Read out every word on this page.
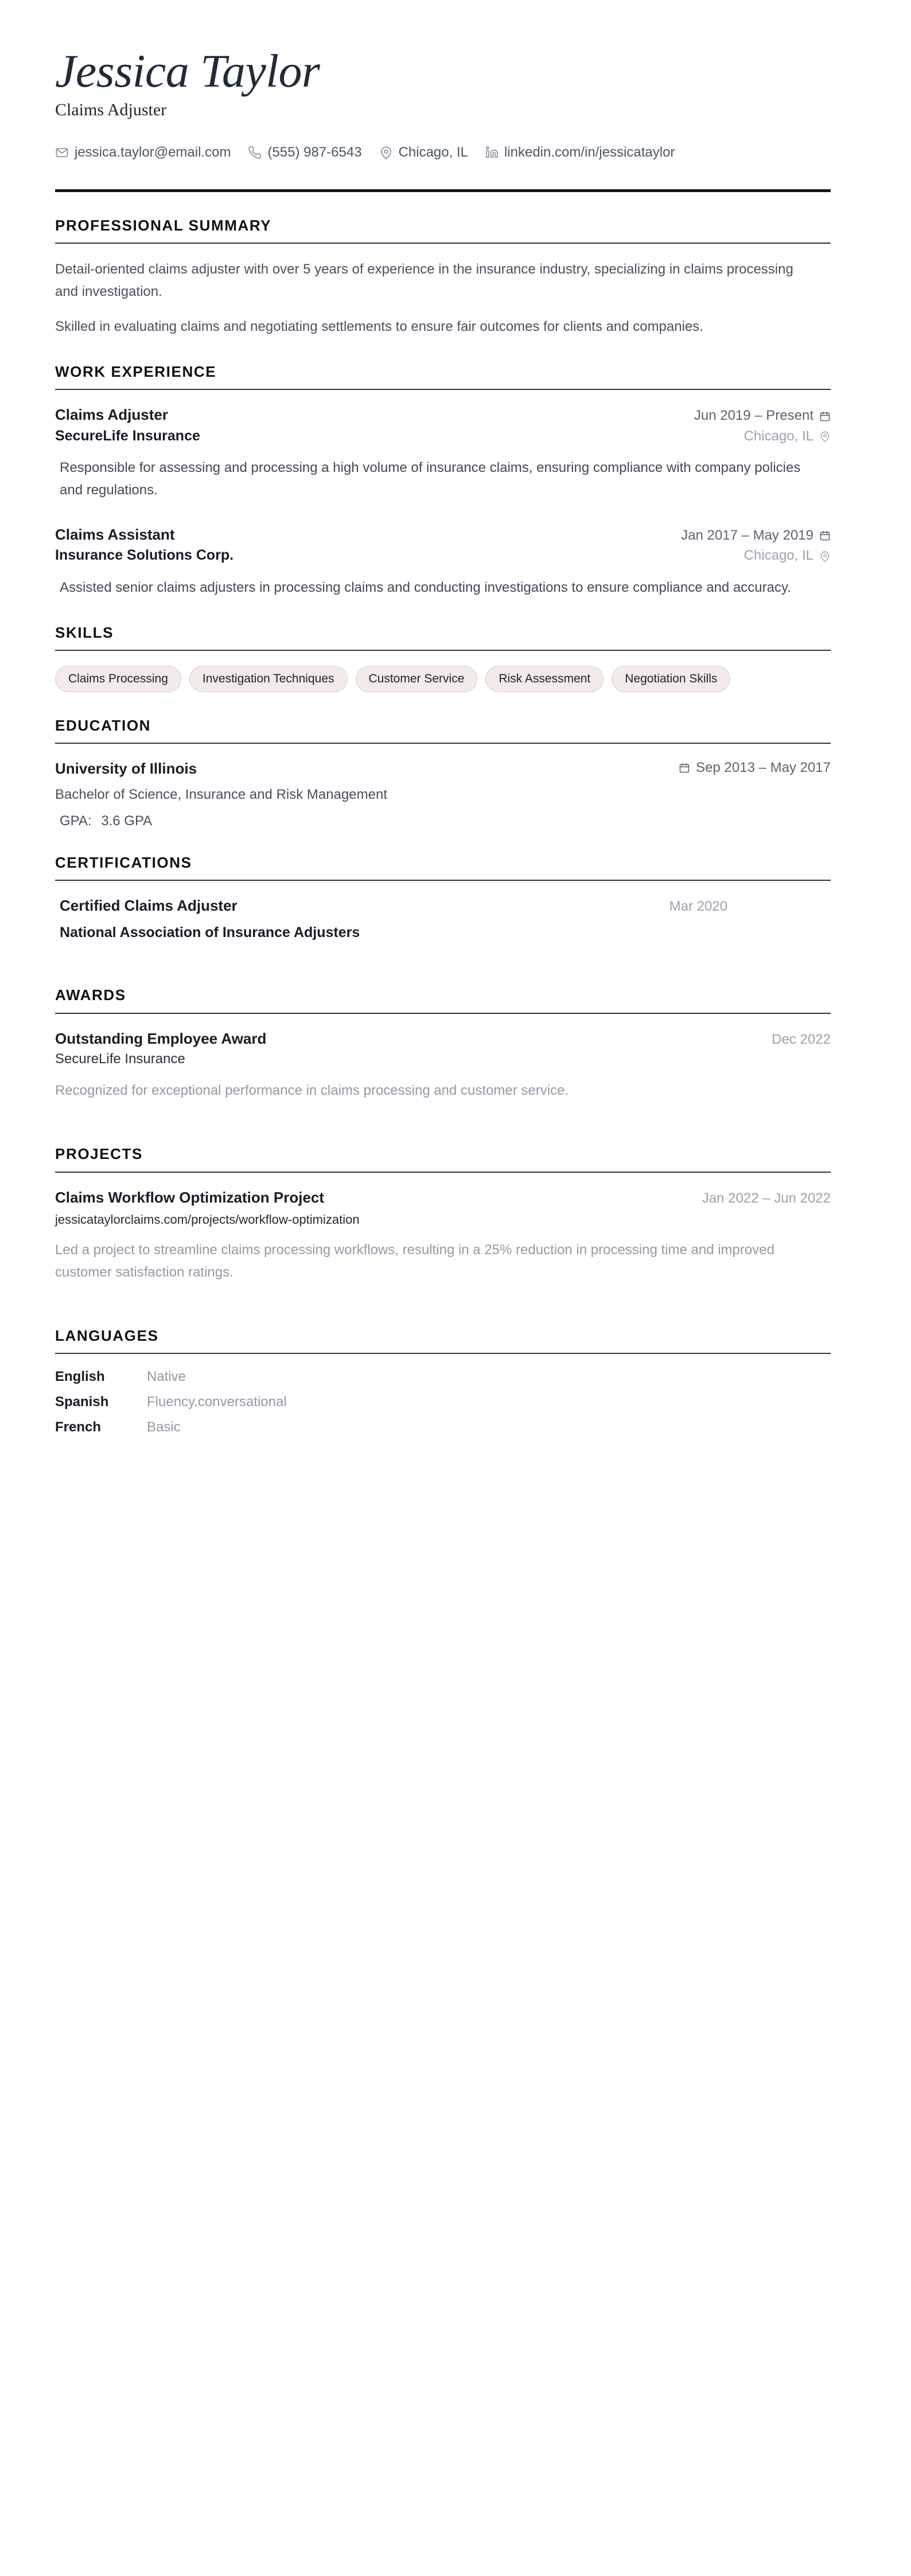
Jessica Taylor
Claims Adjuster
jessica.taylor@email.com	(555) 987-6543	Chicago, IL	linkedin.com/in/jessicataylor
PROFESSIONAL SUMMARY

Detail-oriented claims adjuster with over 5 years of experience in the insurance industry, specializing in claims processing and investigation.

Skilled in evaluating claims and negotiating settlements to ensure fair outcomes for clients and companies.

WORK EXPERIENCE
Claims Adjuster	Jun 2019 – Present
SecureLife Insurance	Chicago, IL
Responsible for assessing and processing a high volume of insurance claims, ensuring compliance with company policies and regulations.
Claims Assistant	Jan 2017 – May 2019
Insurance Solutions Corp.	Chicago, IL
Assisted senior claims adjusters in processing claims and conducting investigations to ensure compliance and accuracy.
SKILLS
Claims Processing	Investigation Techniques	Customer Service	Risk Assessment	Negotiation Skills
EDUCATION
University of Illinois	Sep 2013 – May 2017
Bachelor of Science, Insurance and Risk Management
GPA: 3.6 GPA
CERTIFICATIONS
Certified Claims Adjuster	Mar 2020
National Association of Insurance Adjusters
AWARDS
Outstanding Employee Award	Dec 2022
SecureLife Insurance
Recognized for exceptional performance in claims processing and customer service.
PROJECTS
Claims Workflow Optimization Project	Jan 2022 – Jun 2022
jessicataylorclaims.com/projects/workflow-optimization
Led a project to streamline claims processing workflows, resulting in a 25% reduction in processing time and improved customer satisfaction ratings.
LANGUAGES
English	Native
Spanish	Fluency.conversational
French	Basic
